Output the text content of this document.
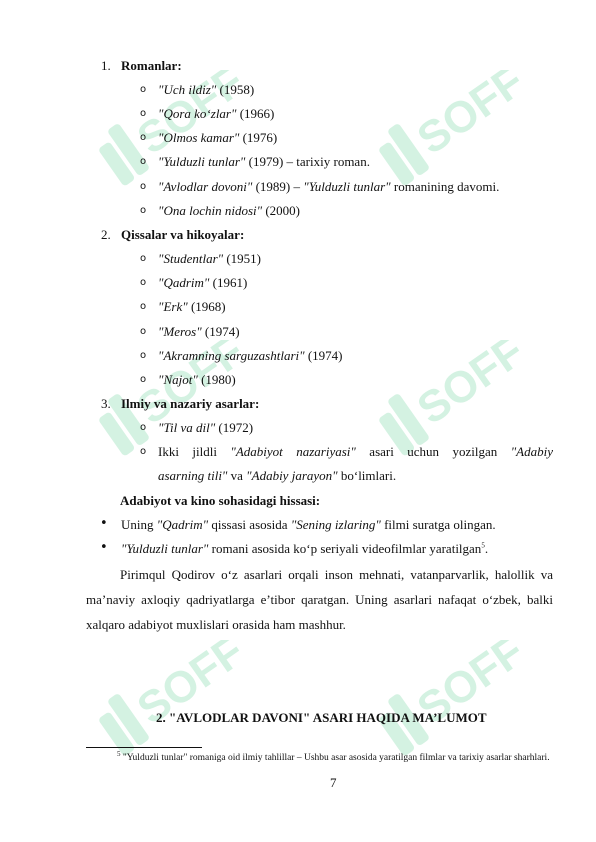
SOFF	SOFF
SOFF	SOFF
SOFF	SOFF
1. Romanlar:
o "Uch ildiz" (1958)
o "Qora ko‘zlar" (1966)
o "Olmos kamar" (1976)
o "Yulduzli tunlar" (1979) – tarixiy roman.
o "Avlodlar dovoni" (1989) – "Yulduzli tunlar" romanining davomi.
o "Ona lochin nidosi" (2000)
2. Qissalar va hikoyalar:
o "Studentlar" (1951)
o "Qadrim" (1961)
o "Erk" (1968)
o "Meros" (1974)
o "Akramning sarguzashtlari" (1974)
o "Najot" (1980)
3. Ilmiy va nazariy asarlar:
o "Til va dil" (1972)
o Ikki jildli "Adabiyot nazariyasi" asari uchun yozilgan "Adabiy
asarning tili" va "Adabiy jarayon" bo‘limlari.
Adabiyot va kino sohasidagi hissasi:
• Uning "Qadrim" qissasi asosida "Sening izlaring" filmi suratga olingan.
• "Yulduzli tunlar" romani asosida ko‘p seriyali videofilmlar yaratilgan$^5$.
Pirimqul Qodirov o‘z asarlari orqali inson mehnati, vatanparvarlik, halollik va ma’naviy axloqiy qadriyatlarga e’tibor qaratgan. Uning asarlari nafaqat o‘zbek, balki xalqaro adabiyot muxlislari orasida ham mashhur.
2. "AVLODLAR DAVONI" ASARI HAQIDA MA’LUMOT
$^5$ "Yulduzli tunlar" romaniga oid ilmiy tahlillar – Ushbu asar asosida yaratilgan filmlar va tarixiy asarlar sharhlari.
7
